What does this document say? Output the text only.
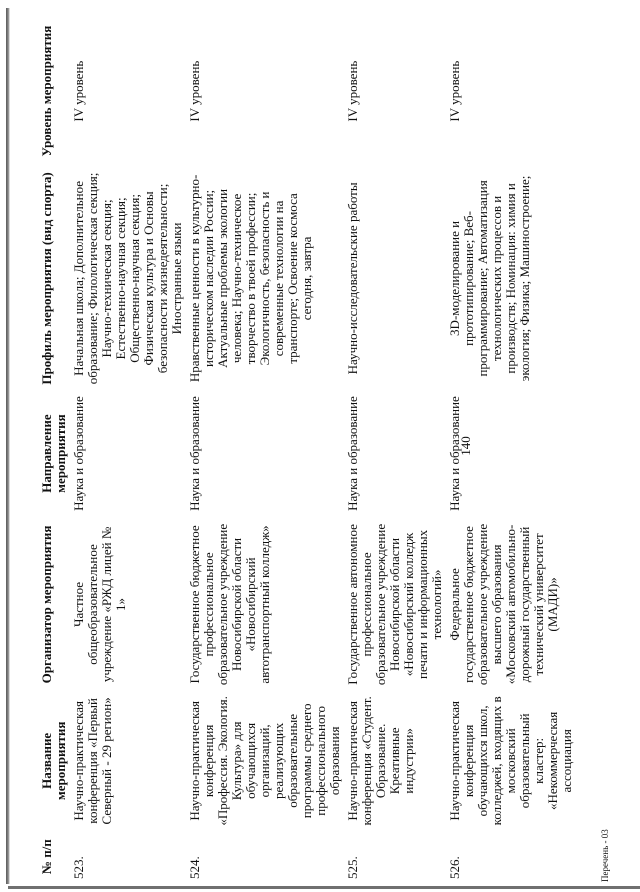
140
№ п/п	Название мероприятия	Организатор мероприятия	Направление мероприятия	Профиль мероприятия (вид спорта)	Уровень мероприятия
523.	Научно-практическая конференция «Первый Северный - 29 регион»	Частное общеобразовательное учреждение «РЖД лицей № 1»	Наука и образование	Начальная школа; Дополнительное образование; Филологическая секция; Научно-техническая секция; Естественно-научная секция; Общественно-научная секция; Физическая культура и Основы безопасности жизнедеятельности; Иностранные языки	IV уровень
524.	Научно-практическая конференция «Профессия. Экология. Культура» для обучающихся организаций, реализующих образовательные программы среднего профессионального образования	Государственное бюджетное профессиональное образовательное учреждение Новосибирской области «Новосибирский автотранспортный колледж»	Наука и образование	Нравственные ценности в культурно-историческом наследии России; Актуальные проблемы экологии человека; Научно-техническое творчество в твоей профессии; Экологичность, безопасность и современные технологии на транспорте; Освоение космоса сегодня, завтра	IV уровень
525.	Научно-практическая конференция «Студент. Образование. Креативные индустрии»	Государственное автономное профессиональное образовательное учреждение Новосибирской области «Новосибирский колледж печати и информационных технологий»	Наука и образование	Научно-исследовательские работы	IV уровень
526.	Научно-практическая конференция обучающихся школ, колледжей, входящих в московский образовательный кластер: «Некоммерческая ассоциация	Федеральное государственное бюджетное образовательное учреждение высшего образования «Московский автомобильно-дорожный государственный технический университет (МАДИ)»	Наука и образование	3D-моделирование и прототипирование; Веб-программирование; Автоматизация технологических процессов и производств; Номинация: химия и экология; Физика; Машиностроение;	IV уровень
Перечень - 03
